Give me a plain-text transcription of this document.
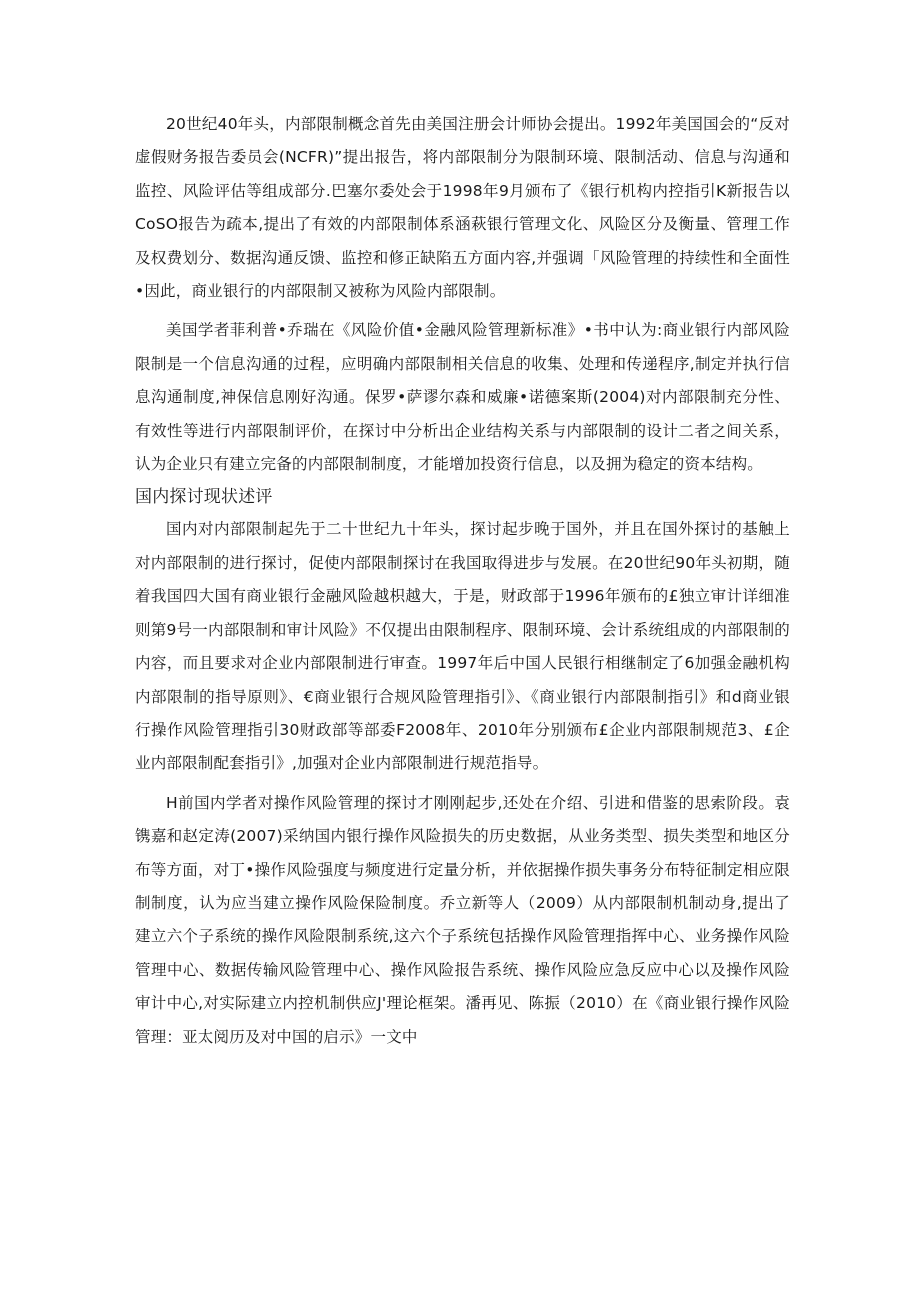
20世纪40年头，内部限制概念首先由美国注册会计师协会提出。1992年美国国会的“反对虚假财务报告委员会(NCFR)”提出报告，将内部限制分为限制环境、限制活动、信息与沟通和监控、风险评估等组成部分.巴塞尔委处会于1998年9月颁布了《银行机构内控指引K新报告以CoSO报告为疏本,提出了有效的内部限制体系涵萩银行管理文化、风险区分及衡量、管理工作及权费划分、数据沟通反馈、监控和修正缺陷五方面内容,并强调「风险管理的持续性和全面性•因此，商业银行的内部限制又被称为风险内部限制。

美国学者菲利普•乔瑞在《风险价值•金融风险管理新标准》•书中认为:商业银行内部风险限制是一个信息沟通的过程，应明确内部限制相关信息的收集、处理和传递程序,制定并执行信息沟通制度,神保信息刚好沟通。保罗•萨谬尔森和威廉•诺德案斯(2004)对内部限制充分性、有效性等进行内部限制评价，在探讨中分析出企业结构关系与内部限制的设计二者之间关系，认为企业只有建立完备的内部限制制度，才能增加投资行信息，以及拥为稳定的资本结构。

国内探讨现状述评

国内对内部限制起先于二十世纪九十年头，探讨起步晚于国外，并且在国外探讨的基触上对内部限制的进行探讨，促使内部限制探讨在我国取得进步与发展。在20世纪90年头初期，随着我国四大国有商业银行金融风险越枳越大，于是，财政部于1996年颁布的£独立审计详细准则第9号一内部限制和审计风险》不仅提出由限制程序、限制环境、会计系统组成的内部限制的内容，而且要求对企业内部限制进行审查。1997年后中国人民银行相继制定了6加强金融机构内部限制的指导原则》、€商业银行合规风险管理指引》、《商业银行内部限制指引》和d商业银行操作风险管理指引30财政部等部委F2008年、2010年分别颁布£企业内部限制规范3、£企业内部限制配套指引》,加强对企业内部限制进行规范指导。

H前国内学者对操作风险管理的探讨才刚刚起步,还处在介绍、引进和借鉴的思索阶段。袁镌嘉和赵定涛(2007)采纳国内银行操作风险损失的历史数据，从业务类型、损失类型和地区分布等方面，对丁•操作风险强度与频度进行定量分析，并依据操作损失事务分布特征制定相应限制制度，认为应当建立操作风险保险制度。乔立新等人（2009）从内部限制机制动身,提出了建立六个子系统的操作风险限制系统,这六个子系统包括操作风险管理指挥中心、业务操作风险管理中心、数据传输风险管理中心、操作风险报告系统、操作风险应急反应中心以及操作风险审计中心,对实际建立内控机制供应J'理论框架。潘再见、陈振（2010）在《商业银行操作风险管理：亚太阅历及对中国的启示》一文中
